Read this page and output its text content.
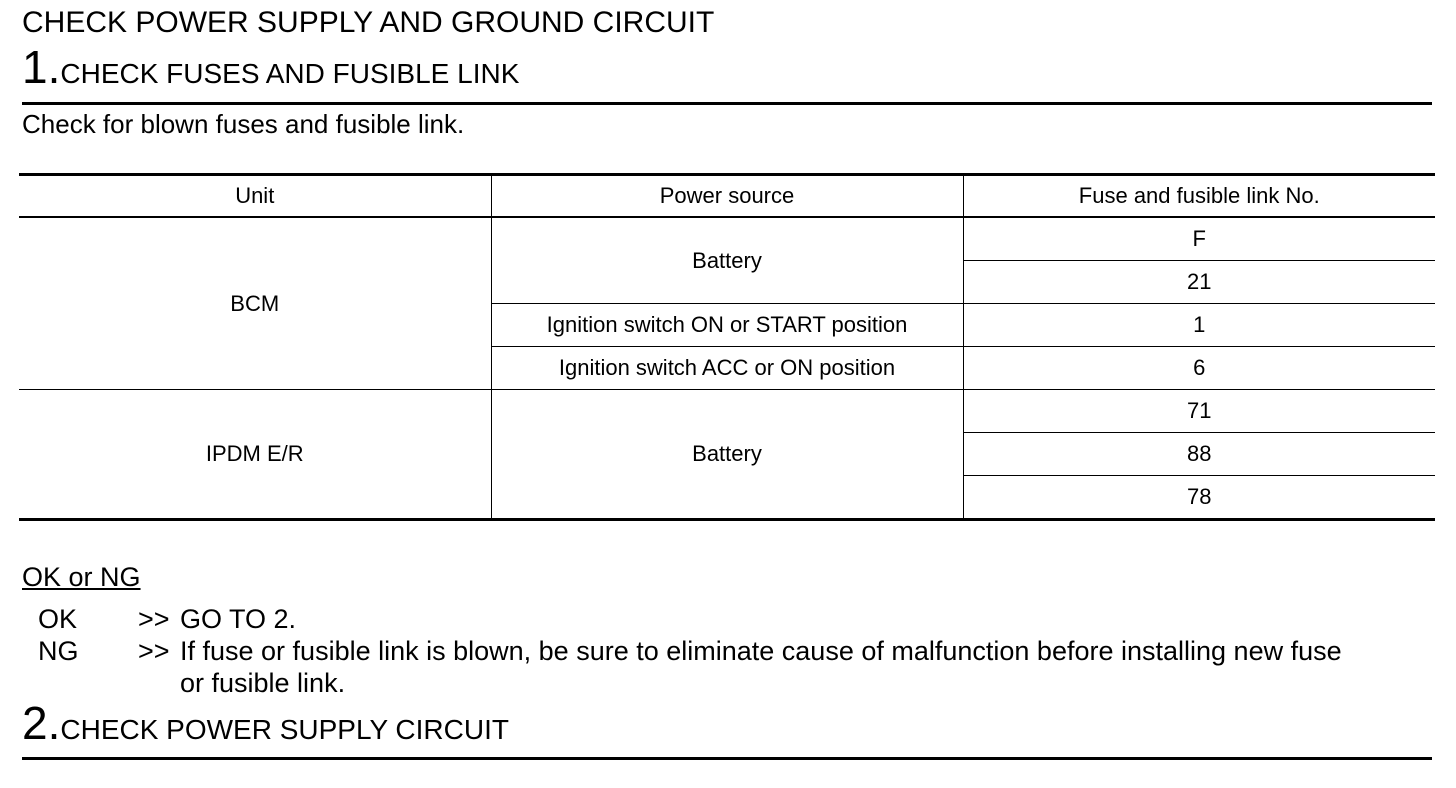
CHECK POWER SUPPLY AND GROUND CIRCUIT
1.CHECK FUSES AND FUSIBLE LINK
Check for blown fuses and fusible link.
Unit	Power source	Fuse and fusible link No.
BCM	Battery	F
		21
	Ignition switch ON or START position	1
	Ignition switch ACC or ON position	6
IPDM E/R	Battery	71
		88
		78
OK or NG
OK >> GO TO 2.
NG >> If fuse or fusible link is blown, be sure to eliminate cause of malfunction before installing new fuse
or fusible link.
2.CHECK POWER SUPPLY CIRCUIT
